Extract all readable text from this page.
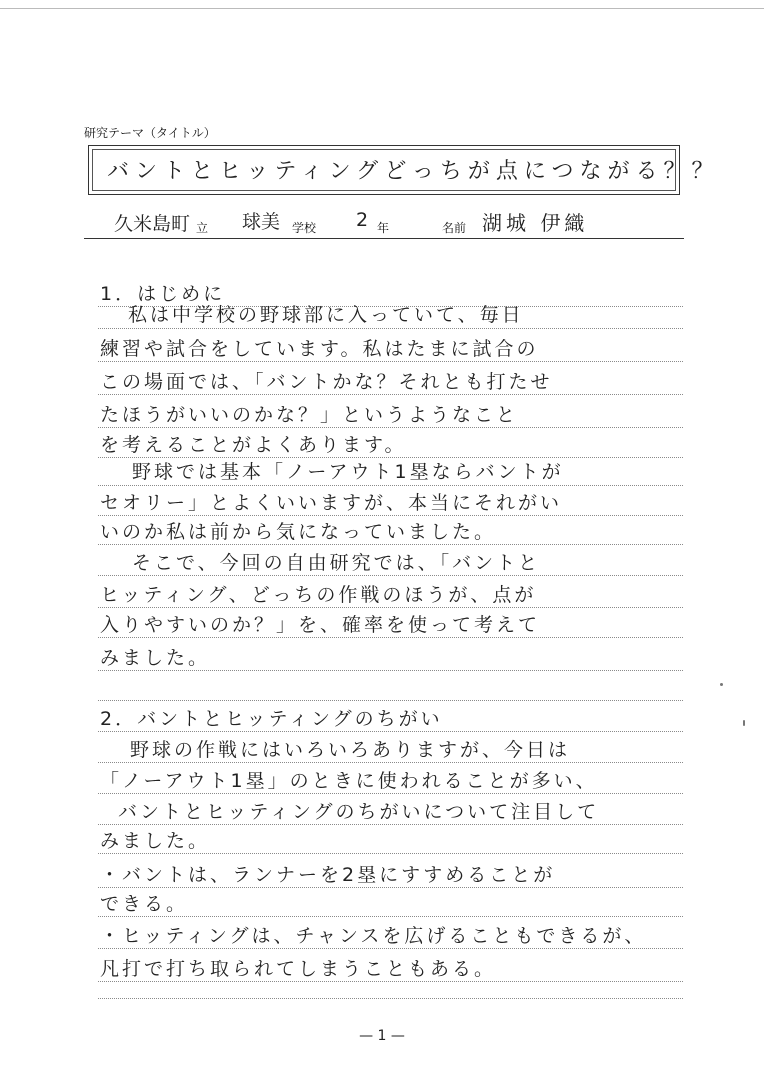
研究テーマ（タイトル）
バントとヒッティングどっちが点につながる？？
久米島町 立 球美 学校 2 年	名前 湖城 伊織
1．はじめに
私は中学校の野球部に入っていて、毎日
練習や試合をしています。私はたまに試合の
この場面では、「バントかな？それとも打たせ
たほうがいいのかな？」というようなこと
を考えることがよくあります。
野球では基本「ノーアウト1塁ならバントが
セオリー」とよくいいますが、本当にそれがい
いのか私は前から気になっていました。
そこで、今回の自由研究では、「バントと
ヒッティング、どっちの作戦のほうが、点が
入りやすいのか？」を、確率を使って考えて
みました。
2．バントとヒッティングのちがい
野球の作戦にはいろいろありますが、今日は
「ノーアウト1塁」のときに使われることが多い、
バントとヒッティングのちがいについて注目して
みました。
・バントは、ランナーを2塁にすすめることが
できる。
・ヒッティングは、チャンスを広げることもできるが、
凡打で打ち取られてしまうこともある。
— 1 —
